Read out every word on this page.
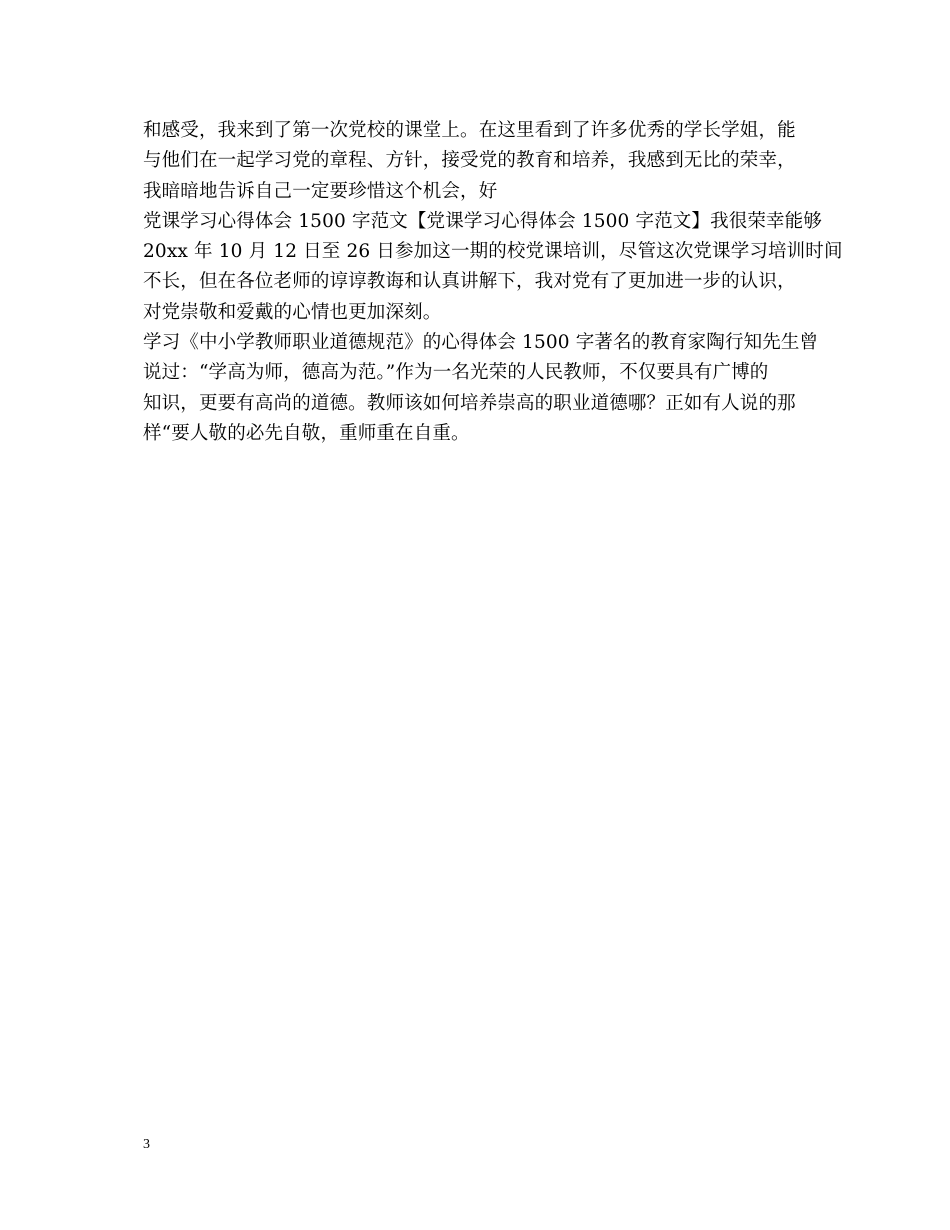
和感受，我来到了第一次党校的课堂上。在这里看到了许多优秀的学长学姐，能
与他们在一起学习党的章程、方针，接受党的教育和培养，我感到无比的荣幸，
我暗暗地告诉自己一定要珍惜这个机会，好
党课学习心得体会 1500 字范文【党课学习心得体会 1500 字范文】我很荣幸能够
20xx 年 10 月 12 日至 26 日参加这一期的校党课培训，尽管这次党课学习培训时间
不长，但在各位老师的谆谆教诲和认真讲解下，我对党有了更加进一步的认识，
对党崇敬和爱戴的心情也更加深刻。
学习《中小学教师职业道德规范》的心得体会 1500 字著名的教育家陶行知先生曾
说过：“学高为师，德高为范。”作为一名光荣的人民教师，不仅要具有广博的
知识，更要有高尚的道德。教师该如何培养崇高的职业道德哪？正如有人说的那
样“要人敬的必先自敬，重师重在自重。
3
